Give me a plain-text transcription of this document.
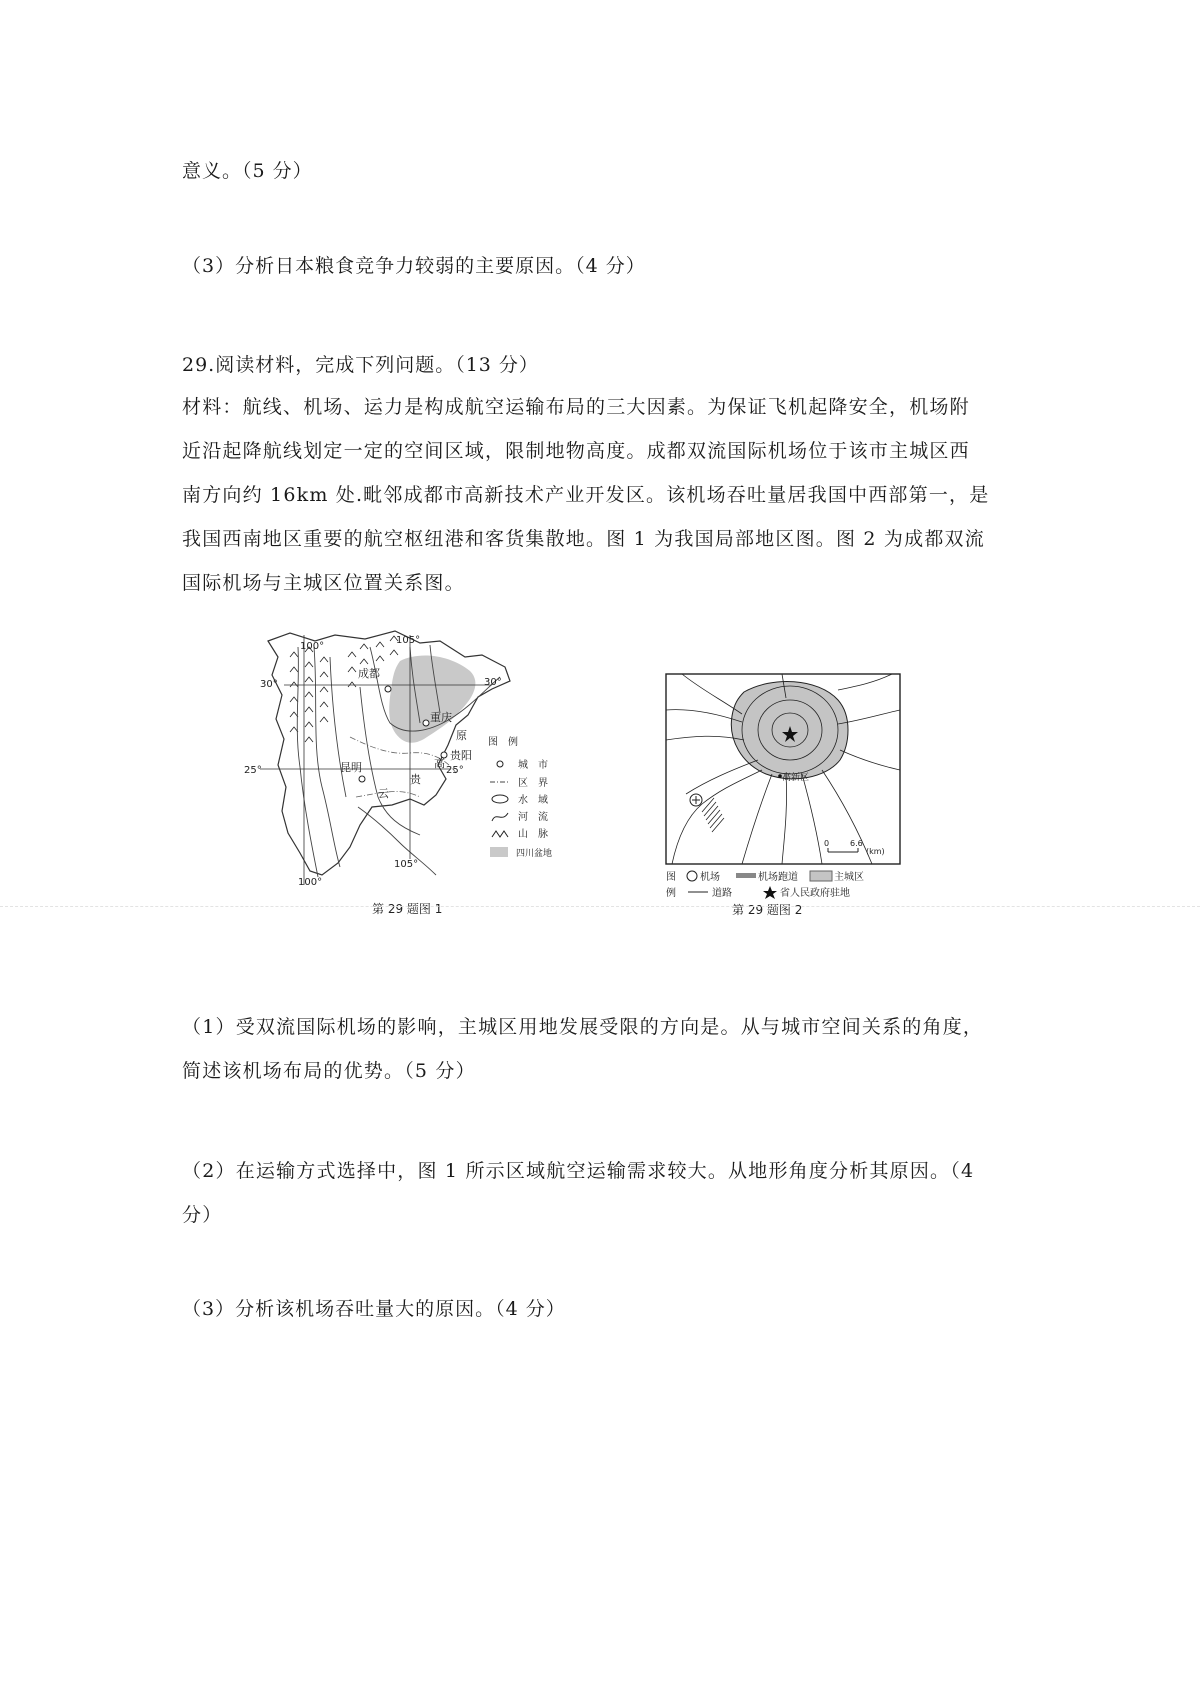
意义。（5 分）
（3）分析日本粮食竞争力较弱的主要原因。（4 分）
29.阅读材料，完成下列问题。（13 分）
材料：航线、机场、运力是构成航空运输布局的三大因素。为保证飞机起降安全，机场附
近沿起降航线划定一定的空间区域，限制地物高度。成都双流国际机场位于该市主城区西
南方向约 16km 处.毗邻成都市高新技术产业开发区。该机场吞吐量居我国中西部第一，是
我国西南地区重要的航空枢纽港和客货集散地。图 1 为我国局部地区图。图 2 为成都双流
国际机场与主城区位置关系图。
100°
105°
30°	30°
25°	25°
105°
100°
成都
重庆
贵阳
昆明
云
贵
高
原
图　例
城　市
区　界
水　域
河　流
山　脉
四川盆地
第 29 题图 1
高新区
0	6.6
(km)
图
例
机场	机场跑道	主城区
道路	省人民政府驻地
第 29 题图 2
（1）受双流国际机场的影响，主城区用地发展受限的方向是。从与城市空间关系的角度，
简述该机场布局的优势。（5 分）
（2）在运输方式选择中，图 1 所示区域航空运输需求较大。从地形角度分析其原因。（4
分）
（3）分析该机场吞吐量大的原因。（4 分）
